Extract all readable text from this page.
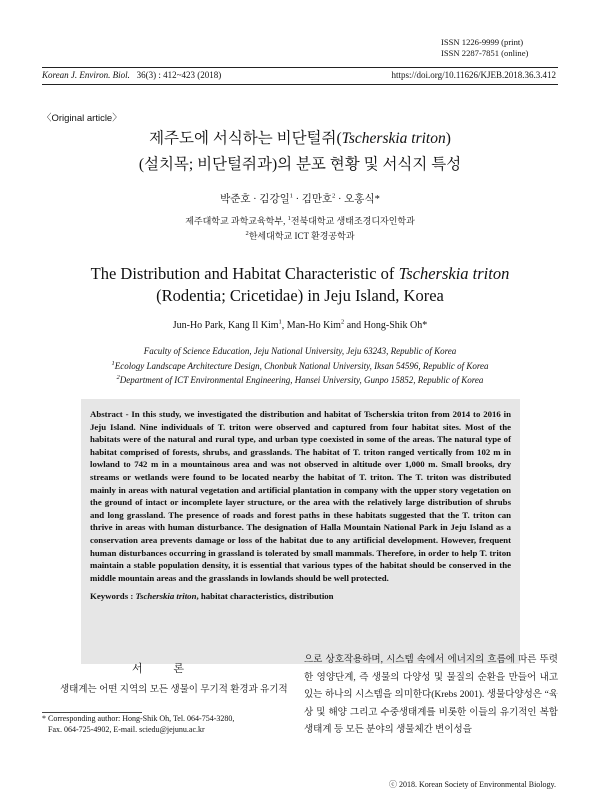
ISSN 1226-9999 (print)
ISSN 2287-7851 (online)
Korean J. Environ. Biol. 36(3) : 412~423 (2018)	https://doi.org/10.11626/KJEB.2018.36.3.412
〈Original article〉
제주도에 서식하는 비단털쥐(Tscherskia triton)
(설치목; 비단털쥐과)의 분포 현황 및 서식지 특성
박준호 · 김강일$^1$ · 김만호$^2$ · 오홍식*
제주대학교 과학교육학부, $^1$전북대학교 생태조경디자인학과
$^2$한세대학교 ICT 환경공학과
The Distribution and Habitat Characteristic of Tscherskia triton
(Rodentia; Cricetidae) in Jeju Island, Korea
Jun-Ho Park, Kang Il Kim$^1$, Man-Ho Kim$^2$ and Hong-Shik Oh*
Faculty of Science Education, Jeju National University, Jeju 63243, Republic of Korea
$^1$Ecology Landscape Architecture Design, Chonbuk National University, Iksan 54596, Republic of Korea
$^2$Department of ICT Environmental Engineering, Hansei University, Gunpo 15852, Republic of Korea
Abstract - In this study, we investigated the distribution and habitat of Tscherskia triton from 2014 to 2016 in Jeju Island. Nine individuals of T. triton were observed and captured from four habitat sites. Most of the habitats were of the natural and rural type, and urban type coexisted in some of the areas. The natural type of habitat comprised of forests, shrubs, and grasslands. The habitat of T. triton ranged vertically from 102 m in lowland to 742 m in a mountainous area and was not observed in altitude over 1,000 m. Small brooks, dry streams or wetlands were found to be located nearby the habitat of T. triton. The T. triton was distributed mainly in areas with natural vegetation and artificial plantation in company with the upper story vegetation on the ground of intact or incomplete layer structure, or the area with the relatively large distribution of shrubs and long grassland. The presence of roads and forest paths in these habitats suggested that the T. triton can thrive in areas with human disturbance. The designation of Halla Mountain National Park in Jeju Island as a conservation area prevents damage or loss of the habitat due to any artificial development. However, frequent human disturbances occurring in grassland is tolerated by small mammals. Therefore, in order to help T. triton maintain a stable population density, it is essential that various types of the habitat should be conserved in the middle mountain areas and the grasslands in lowlands should be well protected.
Keywords : Tscherskia triton, habitat characteristics, distribution
서 론
생태계는 어떤 지역의 모든 생물이 무기적 환경과 유기적
* Corresponding author: Hong-Shik Oh, Tel. 064-754-3280,
Fax. 064-725-4902, E-mail. sciedu@jejunu.ac.kr
으로 상호작용하며, 시스템 속에서 에너지의 흐름에 따른 뚜렷한 영양단계, 즉 생물의 다양성 및 물질의 순환을 만들어 내고 있는 하나의 시스템을 의미한다(Krebs 2001). 생물다양성은 “육상 및 해양 그리고 수중생태계를 비롯한 이들의 유기적인 복합 생태계 등 모든 분야의 생물체간 변이성을
ⓒ 2018. Korean Society of Environmental Biology.
